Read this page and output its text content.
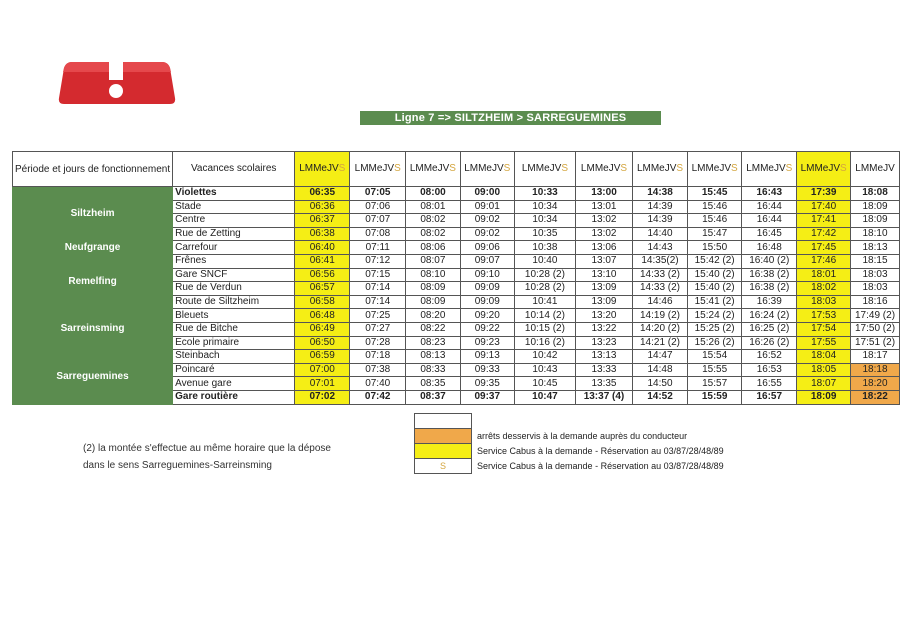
Ligne 7 => SILTZHEIM > SARREGUEMINES
Période et jours de fonctionnement	Vacances scolaires	LMMeJVS	LMMeJVS	LMMeJVS	LMMeJVS	LMMeJVS	LMMeJVS	LMMeJVS	LMMeJVS	LMMeJVS	LMMeJVS	LMMeJV
Siltzheim	Violettes	06:35	07:05	08:00	09:00	10:33	13:00	14:38	15:45	16:43	17:39	18:08
	Stade	06:36	07:06	08:01	09:01	10:34	13:01	14:39	15:46	16:44	17:40	18:09
	Centre	06:37	07:07	08:02	09:02	10:34	13:02	14:39	15:46	16:44	17:41	18:09
	Rue de Zetting	06:38	07:08	08:02	09:02	10:35	13:02	14:40	15:47	16:45	17:42	18:10
Neufgrange	Carrefour	06:40	07:11	08:06	09:06	10:38	13:06	14:43	15:50	16:48	17:45	18:13
Remelfing	Frênes	06:41	07:12	08:07	09:07	10:40	13:07	14:35(2)	15:42 (2)	16:40 (2)	17:46	18:15
	Gare SNCF	06:56	07:15	08:10	09:10	10:28 (2)	13:10	14:33 (2)	15:40 (2)	16:38 (2)	18:01	18:03
	Rue de Verdun	06:57	07:14	08:09	09:09	10:28 (2)	13:09	14:33 (2)	15:40 (2)	16:38 (2)	18:02	18:03
	Route de Siltzheim	06:58	07:14	08:09	09:09	10:41	13:09	14:46	15:41 (2)	16:39	18:03	18:16
Sarreinsming	Bleuets	06:48	07:25	08:20	09:20	10:14 (2)	13:20	14:19 (2)	15:24 (2)	16:24 (2)	17:53	17:49 (2)
	Rue de Bitche	06:49	07:27	08:22	09:22	10:15 (2)	13:22	14:20 (2)	15:25 (2)	16:25 (2)	17:54	17:50 (2)
	Ecole primaire	06:50	07:28	08:23	09:23	10:16 (2)	13:23	14:21 (2)	15:26 (2)	16:26 (2)	17:55	17:51 (2)
Sarreguemines	Steinbach	06:59	07:18	08:13	09:13	10:42	13:13	14:47	15:54	16:52	18:04	18:17
	Poincaré	07:00	07:38	08:33	09:33	10:43	13:33	14:48	15:55	16:53	18:05	18:18
	Avenue gare	07:01	07:40	08:35	09:35	10:45	13:35	14:50	15:57	16:55	18:07	18:20
	Gare routière	07:02	07:42	08:37	09:37	10:47	13:37 (4)	14:52	15:59	16:57	18:09	18:22
(2) la montée s'effectue au même horaire que la dépose
dans le sens Sarreguemines-Sarreinsming

	arrêts desservis à la demande auprès du conducteur
	Service Cabus à la demande - Réservation au 03/87/28/48/89
S	Service Cabus à la demande - Réservation au 03/87/28/48/89
